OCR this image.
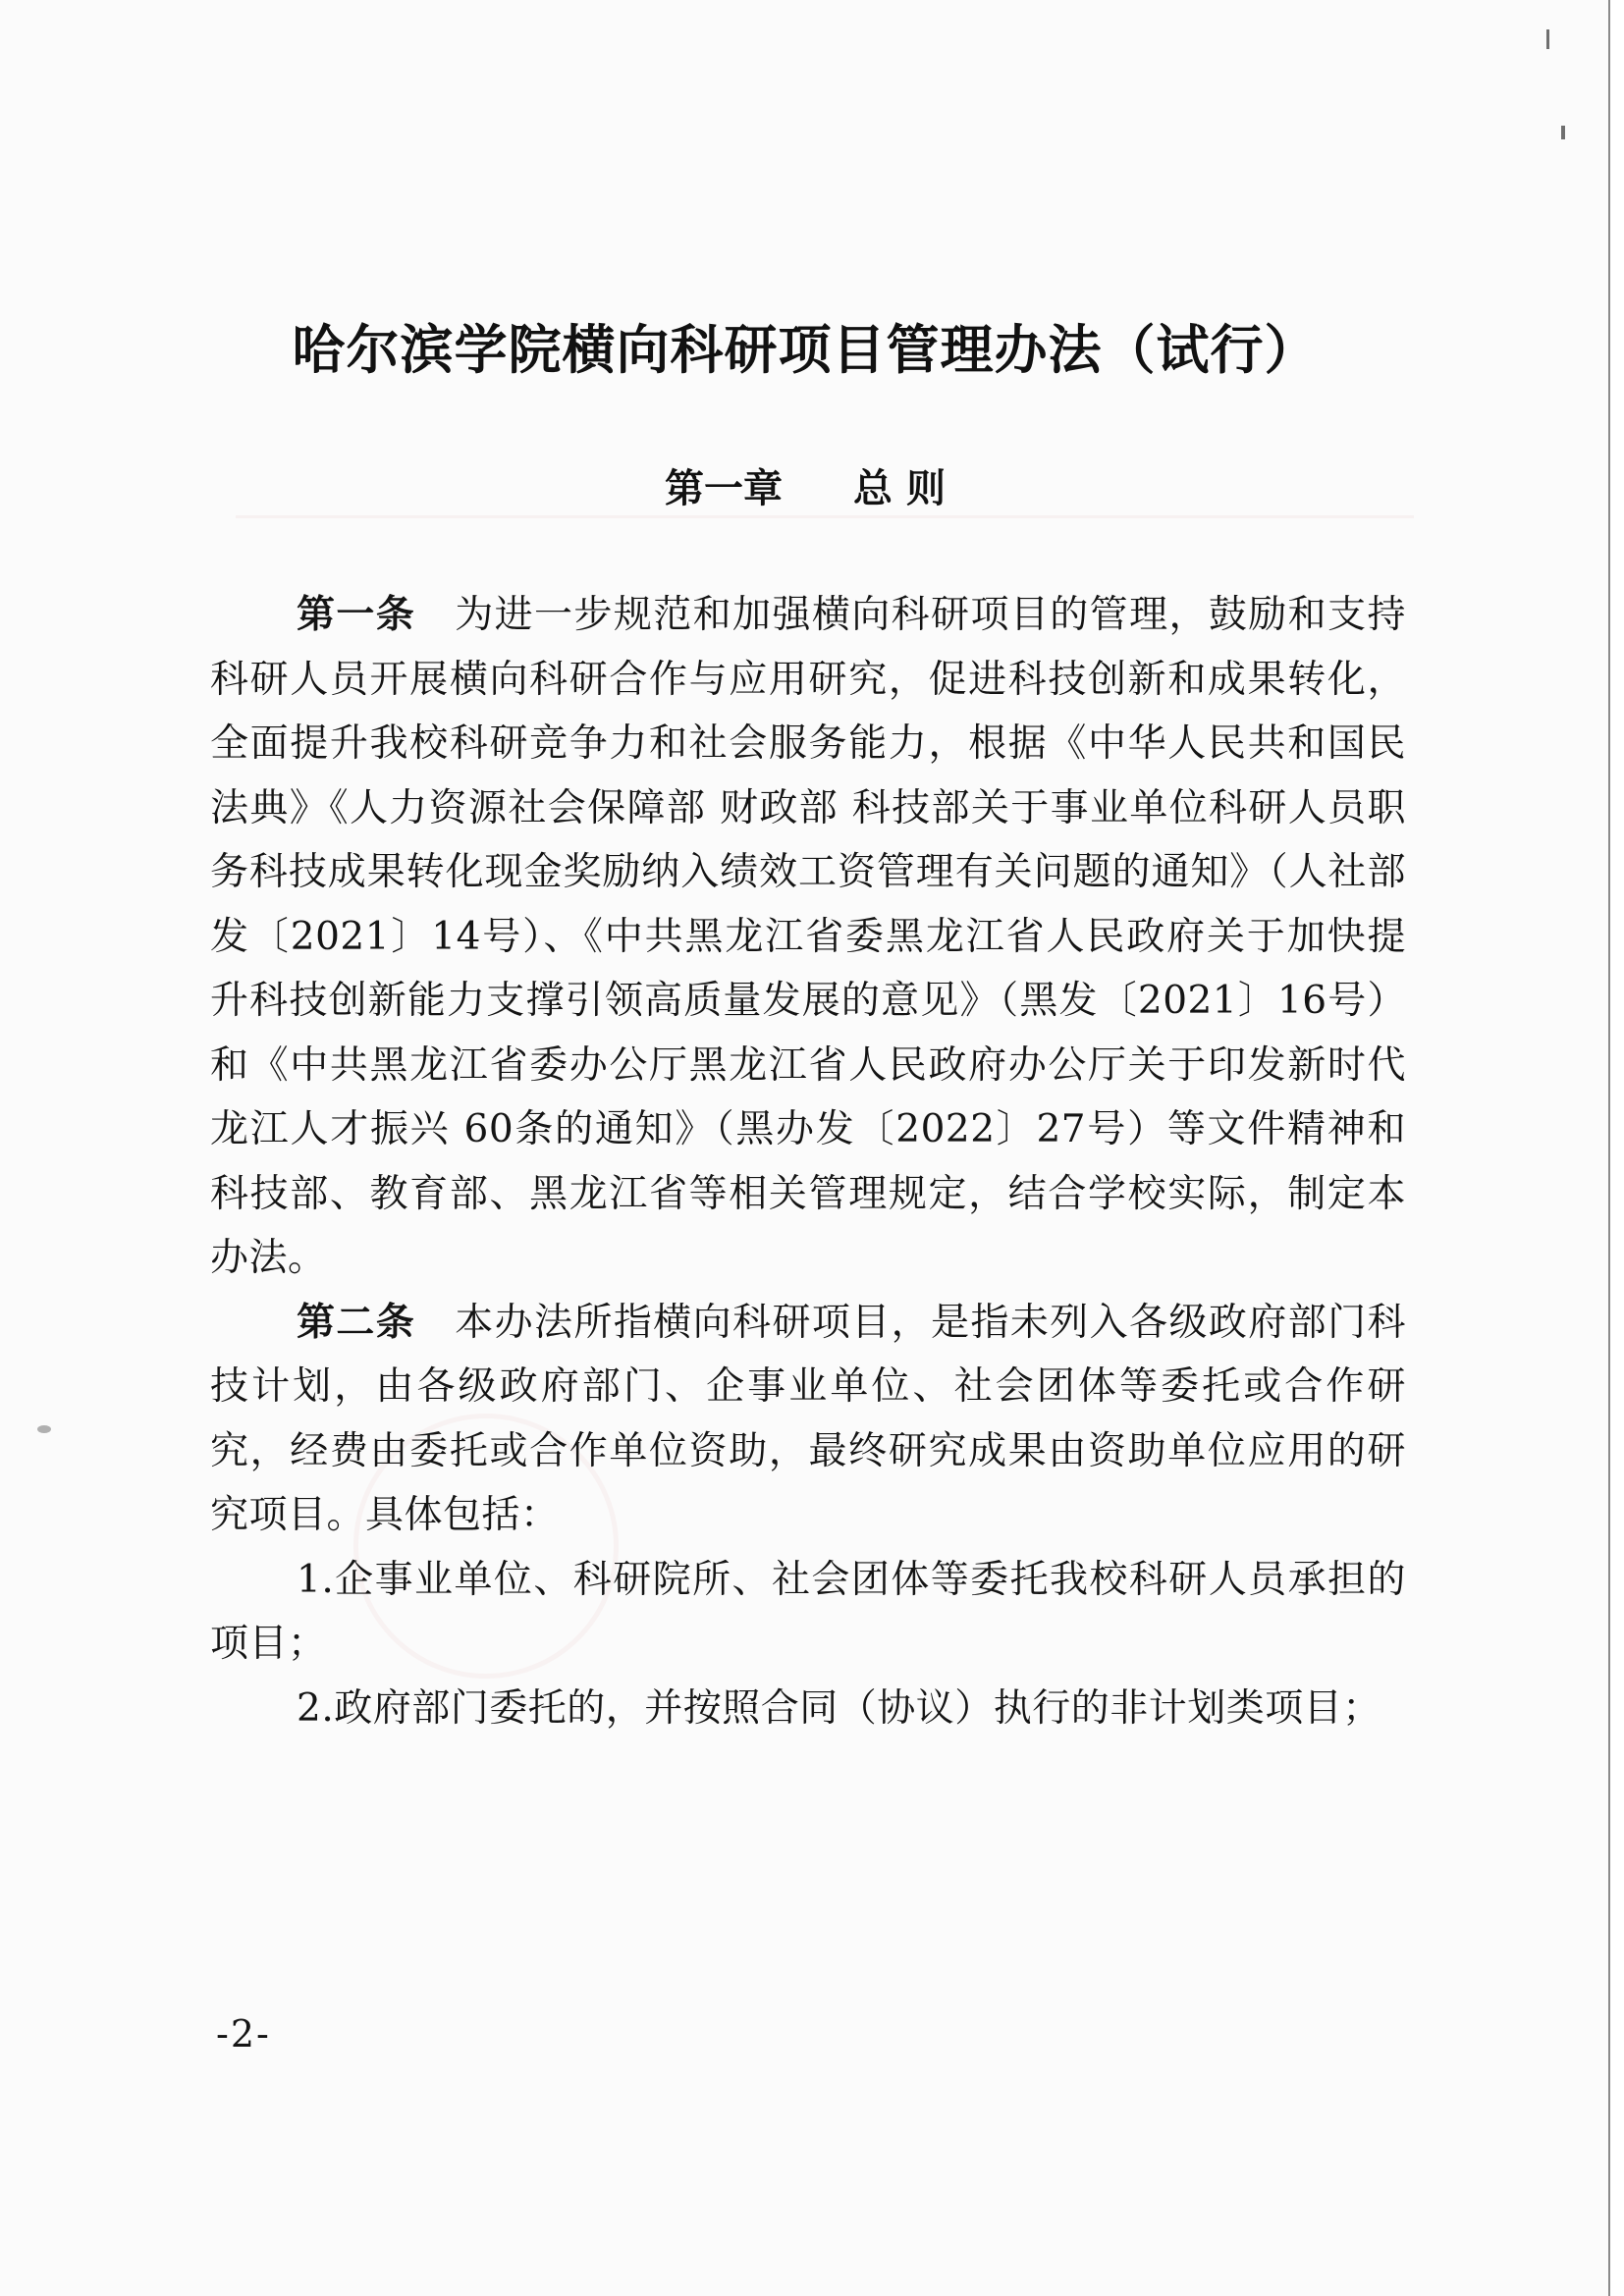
哈尔滨学院横向科研项目管理办法（试行）
第一章 总 则

第一条 为进一步规范和加强横向科研项目的管理，鼓励和支持科研人员开展横向科研合作与应用研究，促进科技创新和成果转化，全面提升我校科研竞争力和社会服务能力，根据《中华人民共和国民法典》《人力资源社会保障部 财政部 科技部关于事业单位科研人员职务科技成果转化现金奖励纳入绩效工资管理有关问题的通知》（人社部发〔2021〕14号）、《中共黑龙江省委黑龙江省人民政府关于加快提升科技创新能力支撑引领高质量发展的意见》（黑发〔2021〕16号）和《中共黑龙江省委办公厅黑龙江省人民政府办公厅关于印发新时代龙江人才振兴 60条的通知》（黑办发〔2022〕27号）等文件精神和科技部、教育部、黑龙江省等相关管理规定，结合学校实际，制定本办法。

第二条 本办法所指横向科研项目，是指未列入各级政府部门科技计划，由各级政府部门、企事业单位、社会团体等委托或合作研究，经费由委托或合作单位资助，最终研究成果由资助单位应用的研究项目。具体包括：

1.企事业单位、科研院所、社会团体等委托我校科研人员承担的项目；

2.政府部门委托的，并按照合同（协议）执行的非计划类项目；

-2-
